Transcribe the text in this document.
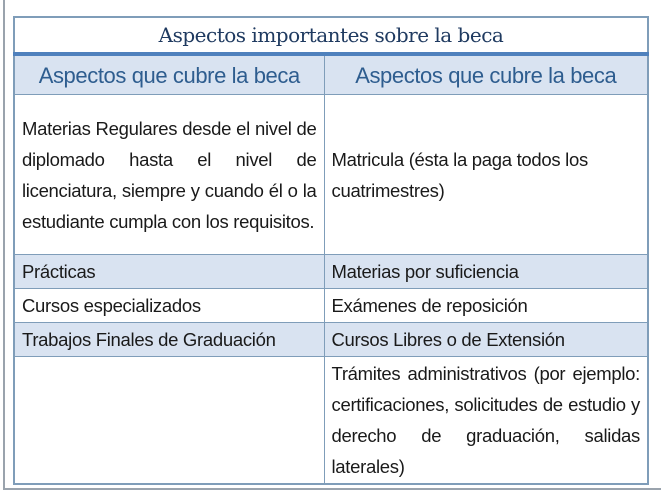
Aspectos importantes sobre la beca	
Aspectos que cubre la beca	Aspectos que cubre la beca
Materias Regulares desde el nivel de diplomado hasta el nivel de licenciatura, siempre y cuando él o la estudiante cumpla con los requisitos.	Matricula (ésta la paga todos los cuatrimestres)
Prácticas	Materias por suficiencia
Cursos especializados	Exámenes de reposición
Trabajos Finales de Graduación	Cursos Libres o de Extensión
	Trámites administrativos (por ejemplo: certificaciones, solicitudes de estudio y derecho de graduación, salidas laterales)
